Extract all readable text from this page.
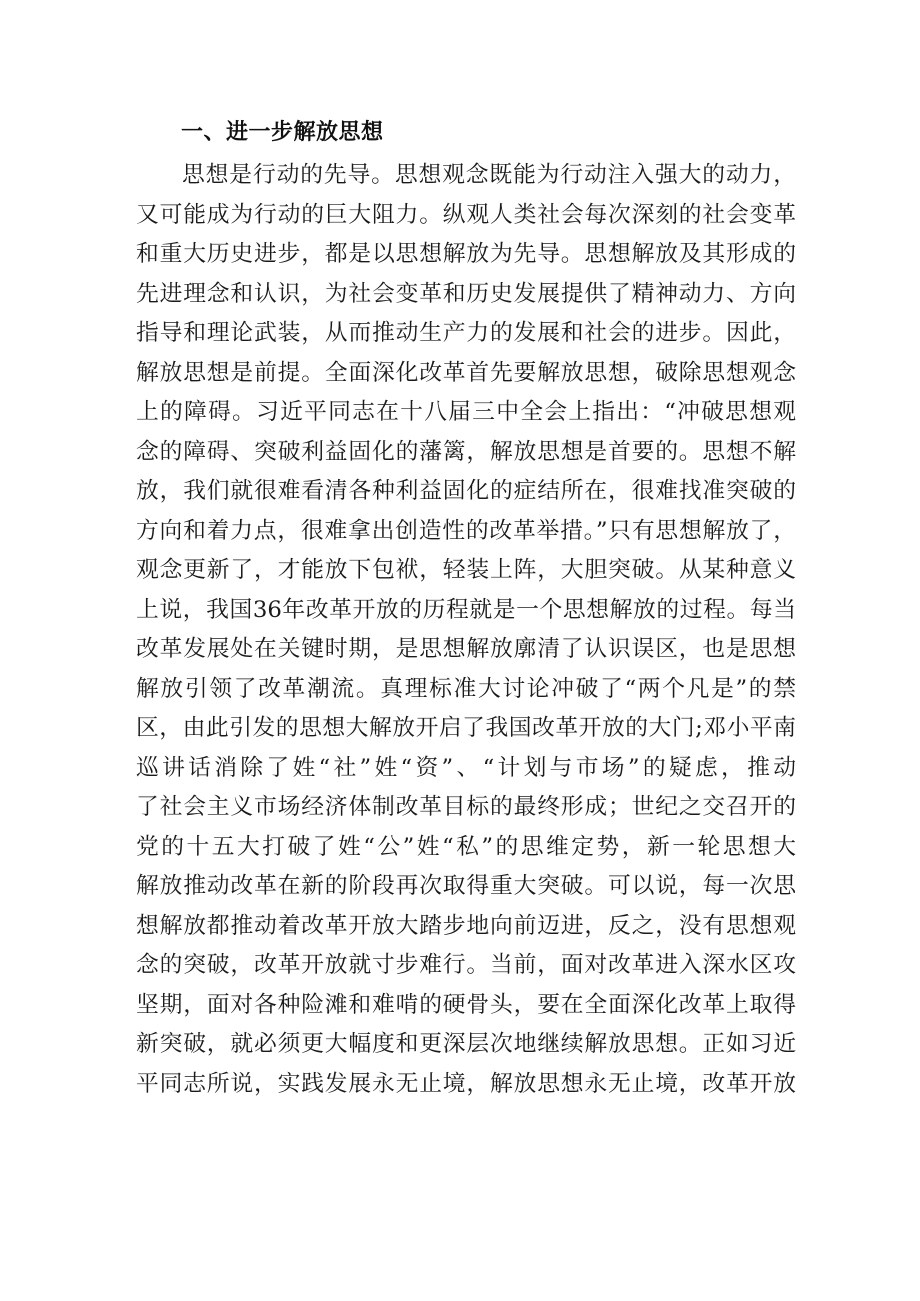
一、进一步解放思想
思想是行动的先导。思想观念既能为行动注入强大的动力，
又可能成为行动的巨大阻力。纵观人类社会每次深刻的社会变革
和重大历史进步，都是以思想解放为先导。思想解放及其形成的
先进理念和认识，为社会变革和历史发展提供了精神动力、方向
指导和理论武装，从而推动生产力的发展和社会的进步。因此，
解放思想是前提。全面深化改革首先要解放思想，破除思想观念
上的障碍。习近平同志在十八届三中全会上指出：“冲破思想观
念的障碍、突破利益固化的藩篱，解放思想是首要的。思想不解
放，我们就很难看清各种利益固化的症结所在，很难找准突破的
方向和着力点，很难拿出创造性的改革举措。”只有思想解放了，
观念更新了，才能放下包袱，轻装上阵，大胆突破。从某种意义
上说，我国36年改革开放的历程就是一个思想解放的过程。每当
改革发展处在关键时期，是思想解放廓清了认识误区，也是思想
解放引领了改革潮流。真理标准大讨论冲破了“两个凡是”的禁
区，由此引发的思想大解放开启了我国改革开放的大门;邓小平南
巡讲话消除了姓“社”姓“资”、“计划与市场”的疑虑，推动
了社会主义市场经济体制改革目标的最终形成；世纪之交召开的
党的十五大打破了姓“公”姓“私”的思维定势，新一轮思想大
解放推动改革在新的阶段再次取得重大突破。可以说，每一次思
想解放都推动着改革开放大踏步地向前迈进，反之，没有思想观
念的突破，改革开放就寸步难行。当前，面对改革进入深水区攻
坚期，面对各种险滩和难啃的硬骨头，要在全面深化改革上取得
新突破，就必须更大幅度和更深层次地继续解放思想。正如习近
平同志所说，实践发展永无止境，解放思想永无止境，改革开放
